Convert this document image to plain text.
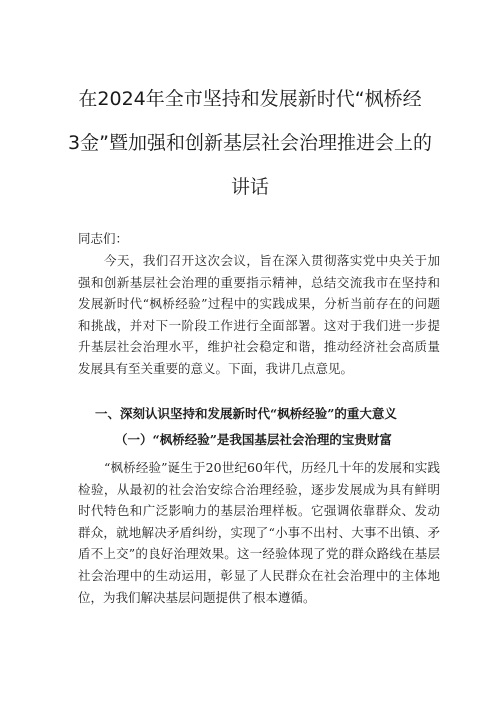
在2024年全市坚持和发展新时代“枫桥经
3金”暨加强和创新基层社会治理推进会上的
讲话
同志们：
今天，我们召开这次会议，旨在深入贯彻落实党中央关于加强和创新基层社会治理的重要指示精神，总结交流我市在坚持和发展新时代“枫桥经验”过程中的实践成果，分析当前存在的问题和挑战，并对下一阶段工作进行全面部署。这对于我们进一步提升基层社会治理水平，维护社会稳定和谐，推动经济社会高质量发展具有至关重要的意义。下面，我讲几点意见。
一、深刻认识坚持和发展新时代“枫桥经验”的重大意义
（一）“枫桥经验”是我国基层社会治理的宝贵财富
“枫桥经验”诞生于20世纪60年代，历经几十年的发展和实践检验，从最初的社会治安综合治理经验，逐步发展成为具有鲜明时代特色和广泛影响力的基层治理样板。它强调依靠群众、发动群众，就地解决矛盾纠纷，实现了“小事不出村、大事不出镇、矛盾不上交”的良好治理效果。这一经验体现了党的群众路线在基层社会治理中的生动运用，彰显了人民群众在社会治理中的主体地位，为我们解决基层问题提供了根本遵循。
